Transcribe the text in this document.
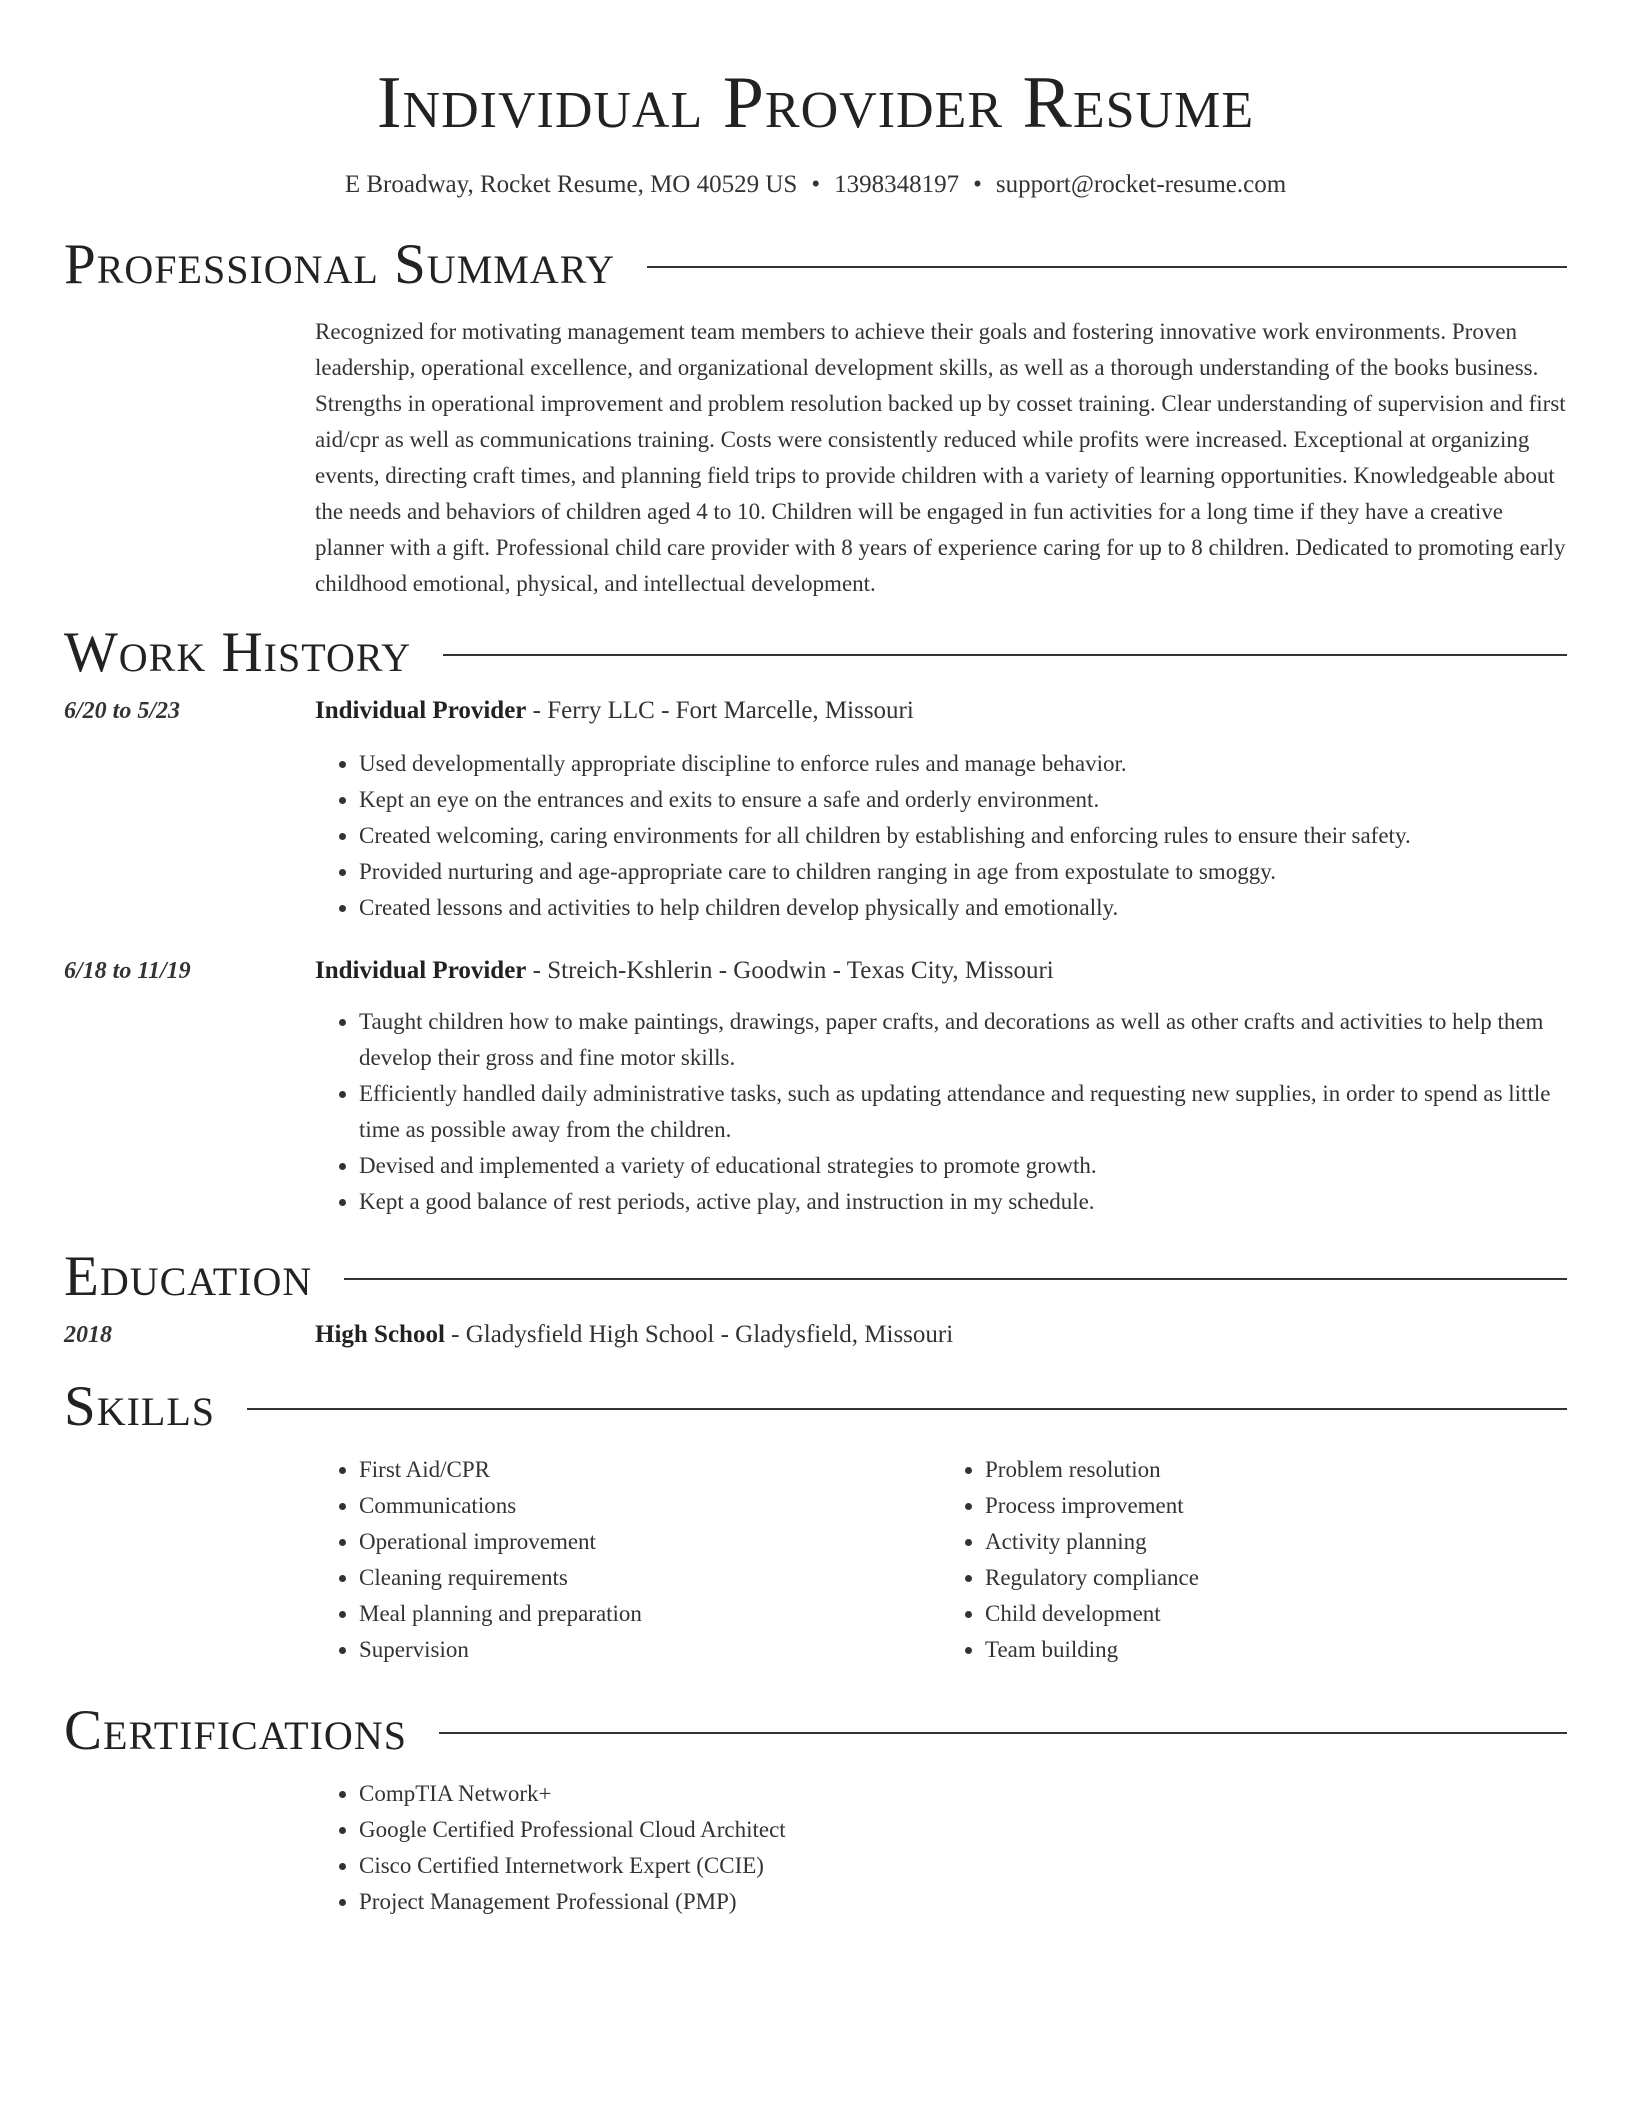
Individual Provider Resume
E Broadway, Rocket Resume, MO 40529 US • 1398348197 • support@rocket-resume.com
Professional Summary

Recognized for motivating management team members to achieve their goals and fostering innovative work environments. Proven leadership, operational excellence, and organizational development skills, as well as a thorough understanding of the books business. Strengths in operational improvement and problem resolution backed up by cosset training. Clear understanding of supervision and first aid/cpr as well as communications training. Costs were consistently reduced while profits were increased. Exceptional at organizing events, directing craft times, and planning field trips to provide children with a variety of learning opportunities. Knowledgeable about the needs and behaviors of children aged 4 to 10. Children will be engaged in fun activities for a long time if they have a creative planner with a gift. Professional child care provider with 8 years of experience caring for up to 8 children. Dedicated to promoting early childhood emotional, physical, and intellectual development.

Work History
6/20 to 5/23	Individual Provider - Ferry LLC - Fort Marcelle, Missouri
• Used developmentally appropriate discipline to enforce rules and manage behavior.
• Kept an eye on the entrances and exits to ensure a safe and orderly environment.
• Created welcoming, caring environments for all children by establishing and enforcing rules to ensure their safety.
• Provided nurturing and age-appropriate care to children ranging in age from expostulate to smoggy.
• Created lessons and activities to help children develop physically and emotionally.
6/18 to 11/19	Individual Provider - Streich-Kshlerin - Goodwin - Texas City, Missouri
• Taught children how to make paintings, drawings, paper crafts, and decorations as well as other crafts and activities to help them develop their gross and fine motor skills.
• Efficiently handled daily administrative tasks, such as updating attendance and requesting new supplies, in order to spend as little time as possible away from the children.
• Devised and implemented a variety of educational strategies to promote growth.
• Kept a good balance of rest periods, active play, and instruction in my schedule.
Education
2018	High School - Gladysfield High School - Gladysfield, Missouri
Skills
• First Aid/CPR
• Communications
• Operational improvement
• Cleaning requirements
• Meal planning and preparation
• Supervision
• Problem resolution
• Process improvement
• Activity planning
• Regulatory compliance
• Child development
• Team building
Certifications
• CompTIA Network+
• Google Certified Professional Cloud Architect
• Cisco Certified Internetwork Expert (CCIE)
• Project Management Professional (PMP)
